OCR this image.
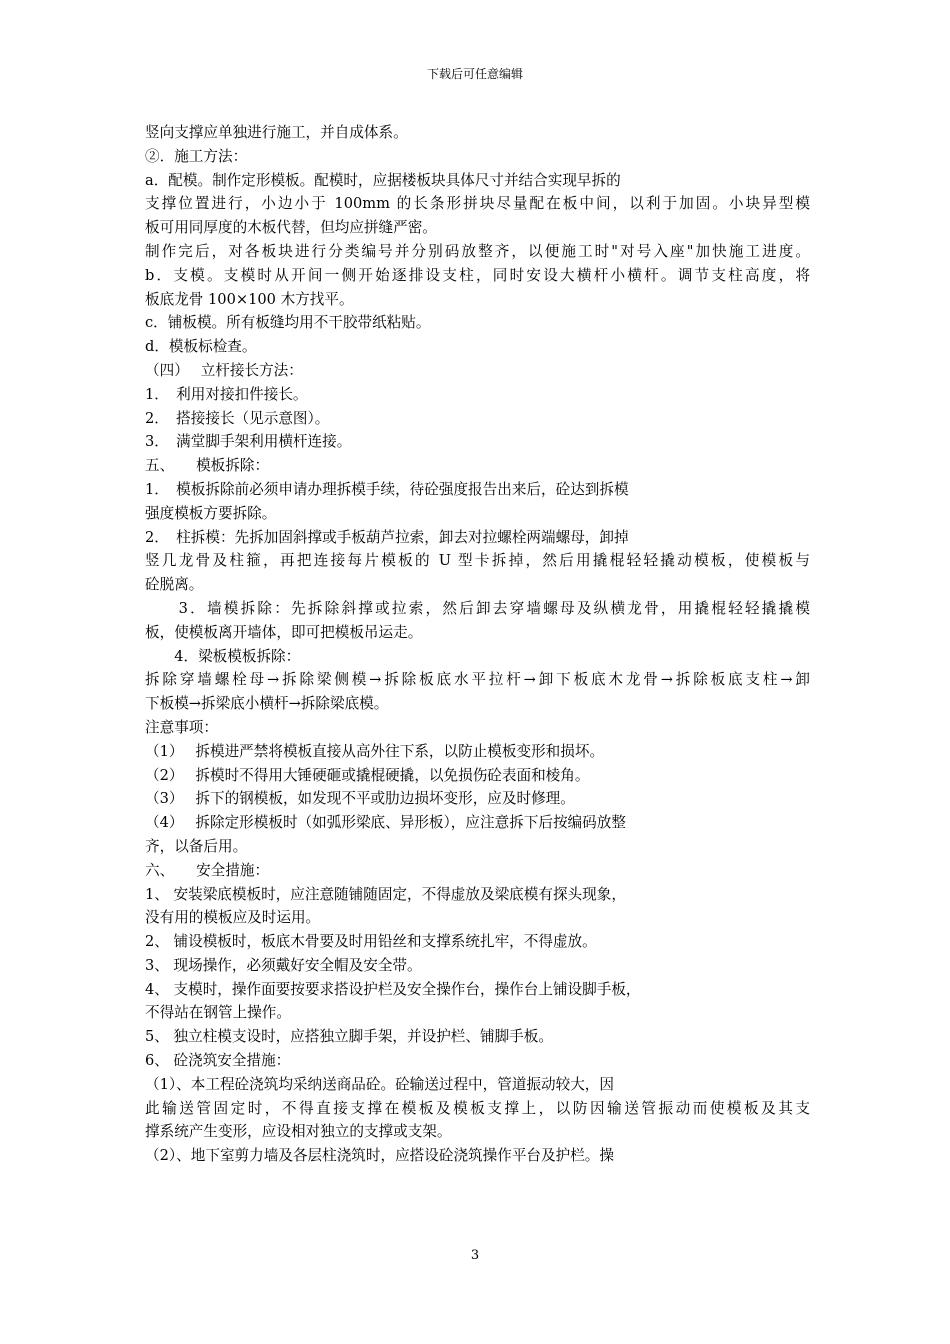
下载后可任意编辑
竖向支撑应单独进行施工，并自成体系。
②．施工方法：
a．配模。制作定形模板。配模时，应据楼板块具体尺寸并结合实现早拆的
支撑位置进行，小边小于 100mm 的长条形拼块尽量配在板中间，以利于加固。小块异型模
板可用同厚度的木板代替，但均应拼缝严密。
制作完后，对各板块进行分类编号并分别码放整齐，以便施工时"对号入座"加快施工进度。
b．支模。支模时从开间一侧开始逐排设支柱，同时安设大横杆小横杆。调节支柱高度，将
板底龙骨 100×100 木方找平。
c．铺板模。所有板缝均用不干胶带纸粘贴。
d．模板标检查。
（四）　 立杆接长方法：
1．　利用对接扣件接长。
2．　搭接接长（见示意图）。
3．　满堂脚手架利用横杆连接。
五、　　模板拆除：
1．　模板拆除前必须申请办理拆模手续，待砼强度报告出来后，砼达到拆模
强度模板方要拆除。
2．　柱拆模：先拆加固斜撑或手板葫芦拉索，卸去对拉螺栓两端螺母，卸掉
竖几龙骨及柱箍，再把连接每片模板的 U 型卡拆掉，然后用撬棍轻轻撬动模板，使模板与
砼脱离。
　　3．墙模拆除：先拆除斜撑或拉索，然后卸去穿墙螺母及纵横龙骨，用撬棍轻轻撬撬模
板，使模板离开墙体，即可把模板吊运走。
　　4．梁板模板拆除：
拆除穿墙螺栓母→拆除梁侧模→拆除板底水平拉杆→卸下板底木龙骨→拆除板底支柱→卸
下板模→拆梁底小横杆→拆除梁底模。
注意事项：
（1）　 拆模进严禁将模板直接从高外往下系，以防止模板变形和损坏。
（2）　 拆模时不得用大锤硬砸或撬棍硬撬，以免损伤砼表面和棱角。
（3）　 拆下的钢模板，如发现不平或肋边损坏变形，应及时修理。
（4）　 拆除定形模板时（如弧形梁底、异形板），应注意拆下后按编码放整
齐，以备后用。
六、　　安全措施：
1、 安装梁底模板时，应注意随铺随固定，不得虚放及梁底模有探头现象，
没有用的模板应及时运用。
2、 铺设模板时，板底木骨要及时用铅丝和支撑系统扎牢，不得虚放。
3、 现场操作，必须戴好安全帽及安全带。
4、 支模时，操作面要按要求搭设护栏及安全操作台，操作台上铺设脚手板，
不得站在钢管上操作。
5、 独立柱模支设时，应搭独立脚手架，并设护栏、铺脚手板。
6、 砼浇筑安全措施：
（1）、本工程砼浇筑均采纳送商品砼。砼输送过程中，管道振动较大，因
此输送管固定时，不得直接支撑在模板及模板支撑上，以防因输送管振动而使模板及其支
撑系统产生变形，应设相对独立的支撑或支架。
（2）、地下室剪力墙及各层柱浇筑时，应搭设砼浇筑操作平台及护栏。操
3
